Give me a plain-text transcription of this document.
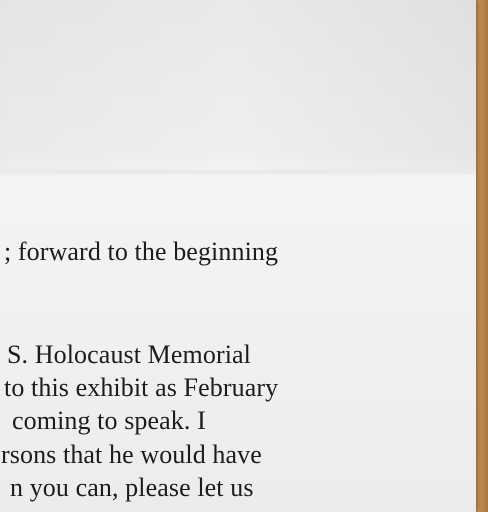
; forward to the beginning
S. Holocaust Memorial
to this exhibit as February
coming to speak. I
rsons that he would have
n you can, please let us
